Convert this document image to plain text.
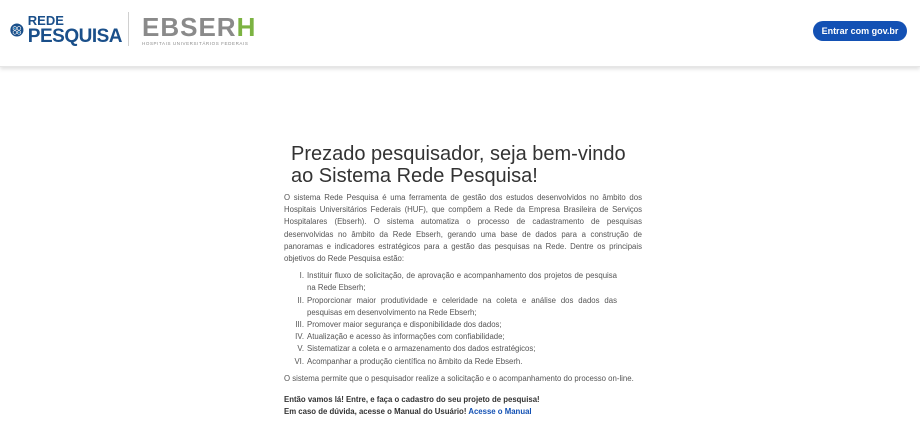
REDE
PESQUISA EBSERH
HOSPITAIS UNIVERSITÁRIOS FEDERAIS
Entrar com gov.br
Prezado pesquisador, seja bem-vindo ao Sistema Rede Pesquisa!

O sistema Rede Pesquisa é uma ferramenta de gestão dos estudos desenvolvidos no âmbito dos Hospitais Universitários Federais (HUF), que compõem a Rede da Empresa Brasileira de Serviços Hospitalares (Ebserh). O sistema automatiza o processo de cadastramento de pesquisas desenvolvidas no âmbito da Rede Ebserh, gerando uma base de dados para a construção de panoramas e indicadores estratégicos para a gestão das pesquisas na Rede. Dentre os principais objetivos do Rede Pesquisa estão:

I. Instituir fluxo de solicitação, de aprovação e acompanhamento dos projetos de pesquisa na Rede Ebserh;
II. Proporcionar maior produtividade e celeridade na coleta e análise dos dados das pesquisas em desenvolvimento na Rede Ebserh;
III. Promover maior segurança e disponibilidade dos dados;
IV. Atualização e acesso às informações com confiabilidade;
V. Sistematizar a coleta e o armazenamento dos dados estratégicos;
VI. Acompanhar a produção científica no âmbito da Rede Ebserh.

O sistema permite que o pesquisador realize a solicitação e o acompanhamento do processo on-line.

Então vamos lá! Entre, e faça o cadastro do seu projeto de pesquisa!
Em caso de dúvida, acesse o Manual do Usuário! Acesse o Manual
